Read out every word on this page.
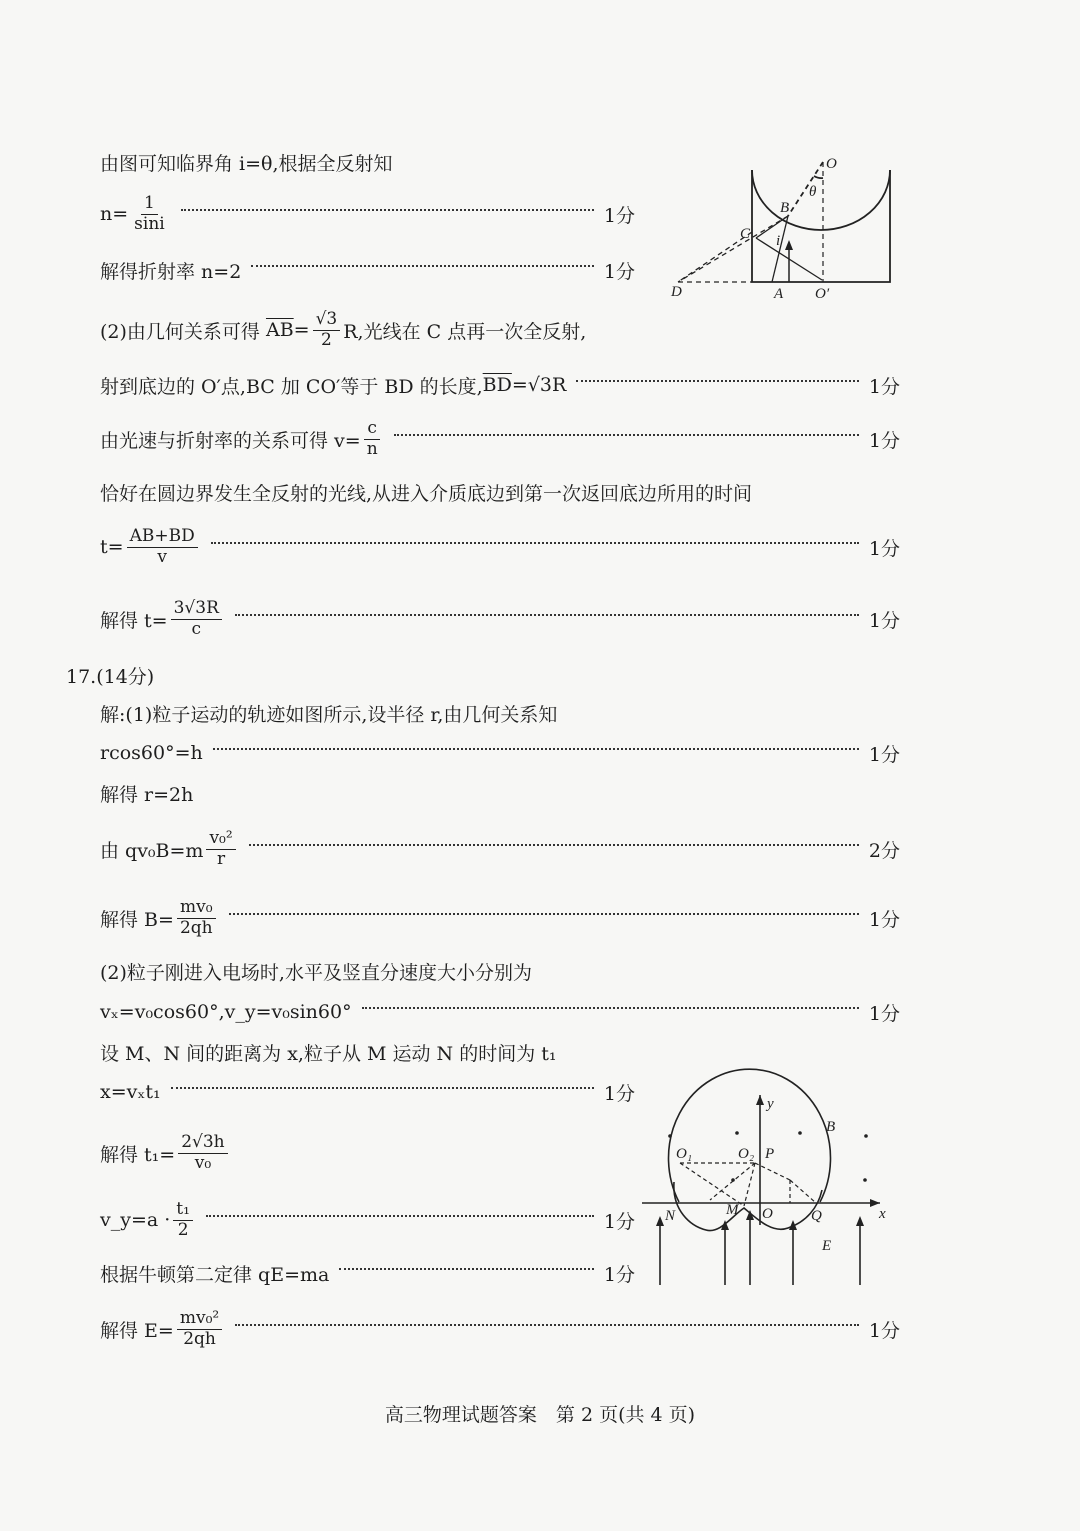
由图可知临界角 i=θ,根据全反射知
$n= \frac{1}{\sin i}$	1分
解得折射率 n=2	1分
(2)由几何关系可得
$\overline{AB} = \frac{√3}{2} R$,光线在 C 点再一次全反射,
射到底边的 O′点,BC 加 CO′等于 BD 的长度, $\overline{BD} =√3R$	1分
由光速与折射率的关系可得 $v= \frac{c}{n}$	1分
恰好在圆边界发生全反射的光线,从进入介质底边到第一次返回底边所用的时间
$t= \frac{AB+BD}{v}$	1分
解得 $t= \frac{3√3R}{c}$	1分
17.(14分)
解:(1)粒子运动的轨迹如图所示,设半径 r,由几何关系知
rcos60°=h	1分
解得 r=2h
由 $qv_0B=m \frac{\text{v₀²}}{r}$	2分
解得 $B= \frac{\text{mv₀}}{2qh}$	1分
(2)粒子刚进入电场时,水平及竖直分速度大小分别为
vₓ=v₀cos60°,v_y=v₀sin60°	1分
设 M、N 间的距离为 x,粒子从 M 运动 N 的时间为 t₁
x=vₓt₁	1分
解得 $t_1= \frac{2√3h}{\text{v₀}}$
v_y=a · $\frac{\text{t₁}}{2}$	1分
根据牛顿第二定律 qE=ma	1分
解得 $E= \frac{\text{mv₀²}}{2qh}$	1分
O
θ
B
C i
D	A O′
y
B
O₁	O₂ P
N	M O	Q	x
E
高三物理试题答案　第 2 页(共 4 页)
